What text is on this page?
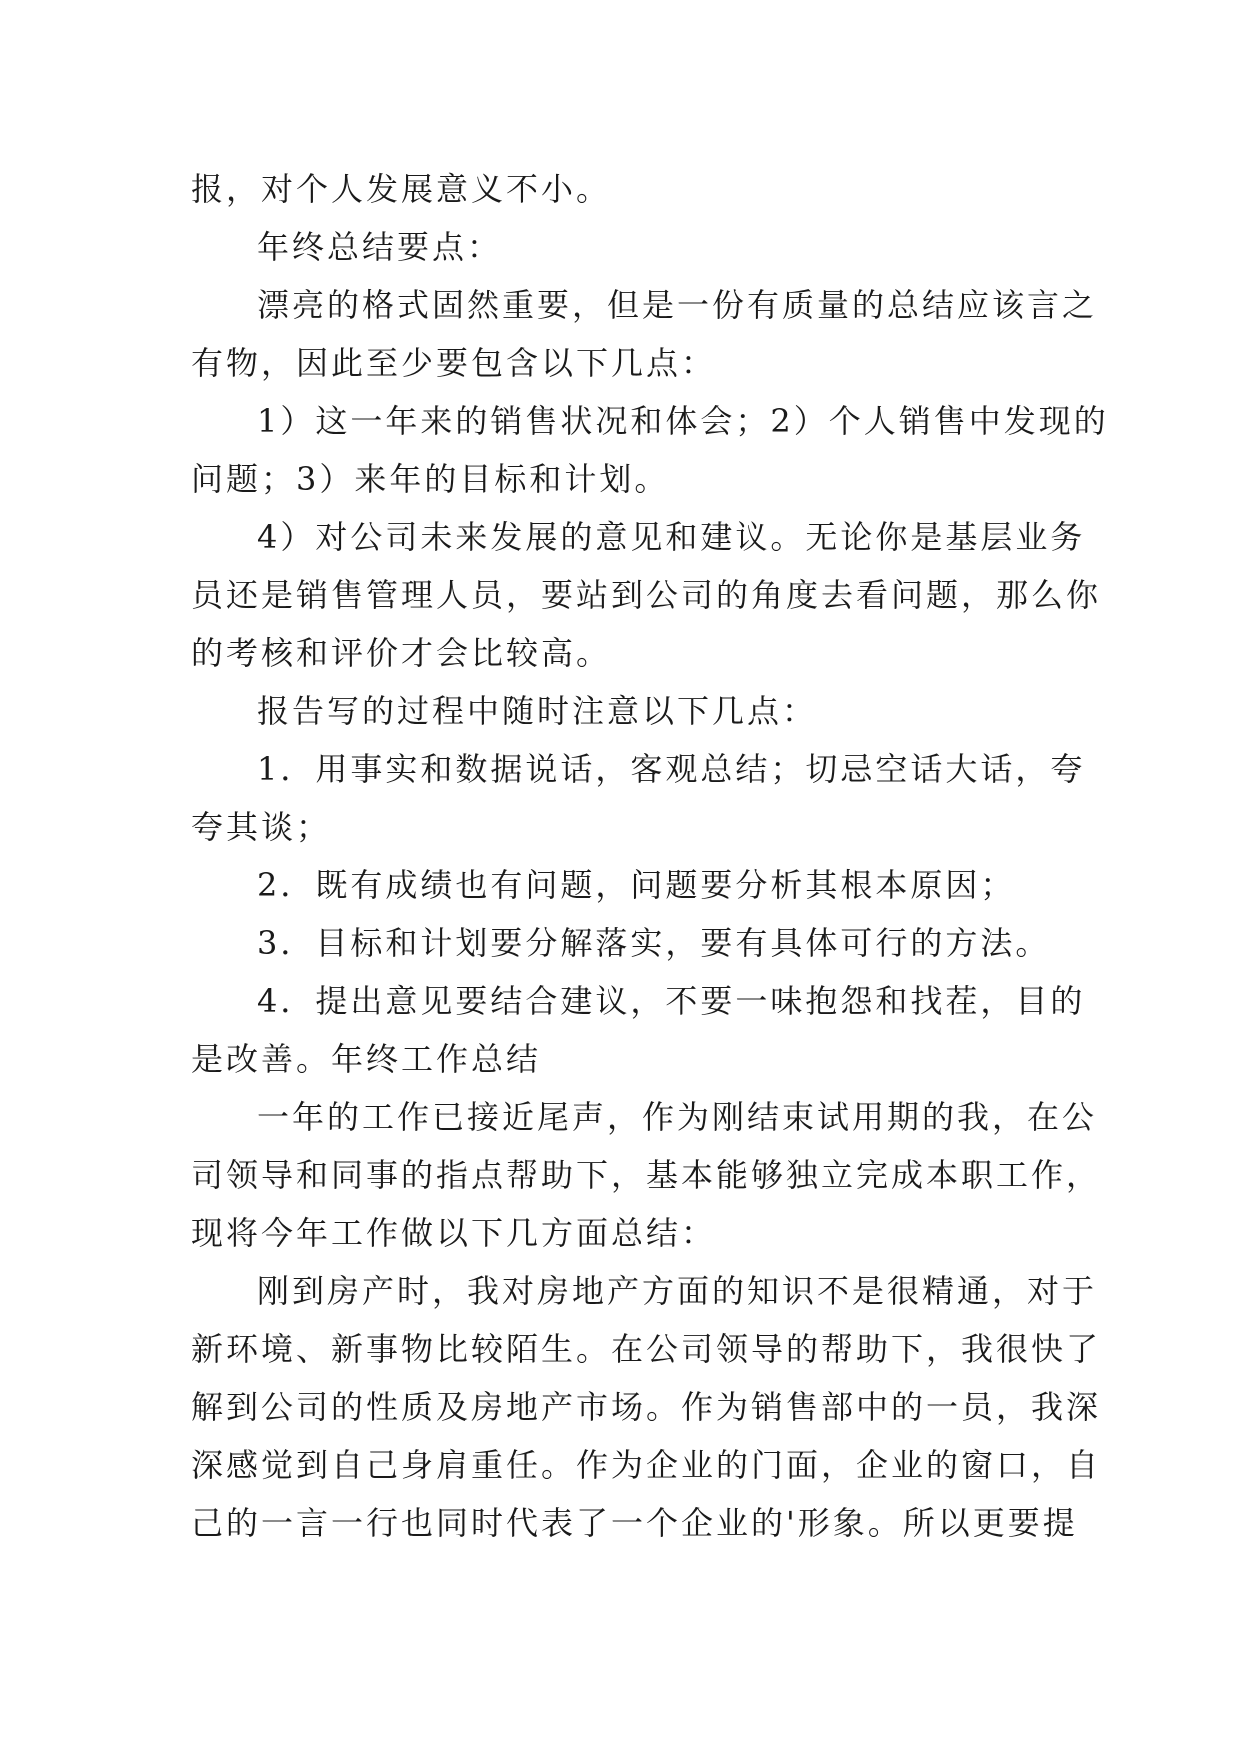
报，对个人发展意义不小。
年终总结要点：
漂亮的格式固然重要，但是一份有质量的总结应该言之
有物，因此至少要包含以下几点：
1）这一年来的销售状况和体会；2）个人销售中发现的
问题；3）来年的目标和计划。
4）对公司未来发展的意见和建议。无论你是基层业务
员还是销售管理人员，要站到公司的角度去看问题，那么你
的考核和评价才会比较高。
报告写的过程中随时注意以下几点：
1．用事实和数据说话，客观总结；切忌空话大话，夸
夸其谈；
2．既有成绩也有问题，问题要分析其根本原因；
3．目标和计划要分解落实，要有具体可行的方法。
4．提出意见要结合建议，不要一味抱怨和找茬，目的
是改善。年终工作总结
一年的工作已接近尾声，作为刚结束试用期的我，在公
司领导和同事的指点帮助下，基本能够独立完成本职工作，
现将今年工作做以下几方面总结：
刚到房产时，我对房地产方面的知识不是很精通，对于
新环境、新事物比较陌生。在公司领导的帮助下，我很快了
解到公司的性质及房地产市场。作为销售部中的一员，我深
深感觉到自己身肩重任。作为企业的门面，企业的窗口，自
己的一言一行也同时代表了一个企业的'形象。所以更要提
